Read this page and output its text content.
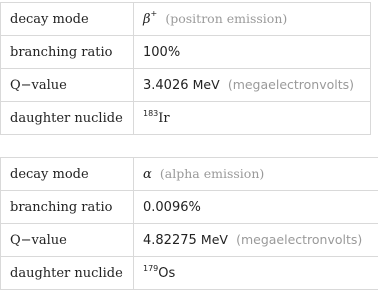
decay mode	β+ (positron emission)
branching ratio	100%
Q−value	3.4026 MeV (megaelectronvolts)
daughter nuclide	$^{183}$Ir
decay mode	α (alpha emission)
branching ratio	0.0096%
Q−value	4.82275 MeV (megaelectronvolts)
daughter nuclide	$^{179}$Os
